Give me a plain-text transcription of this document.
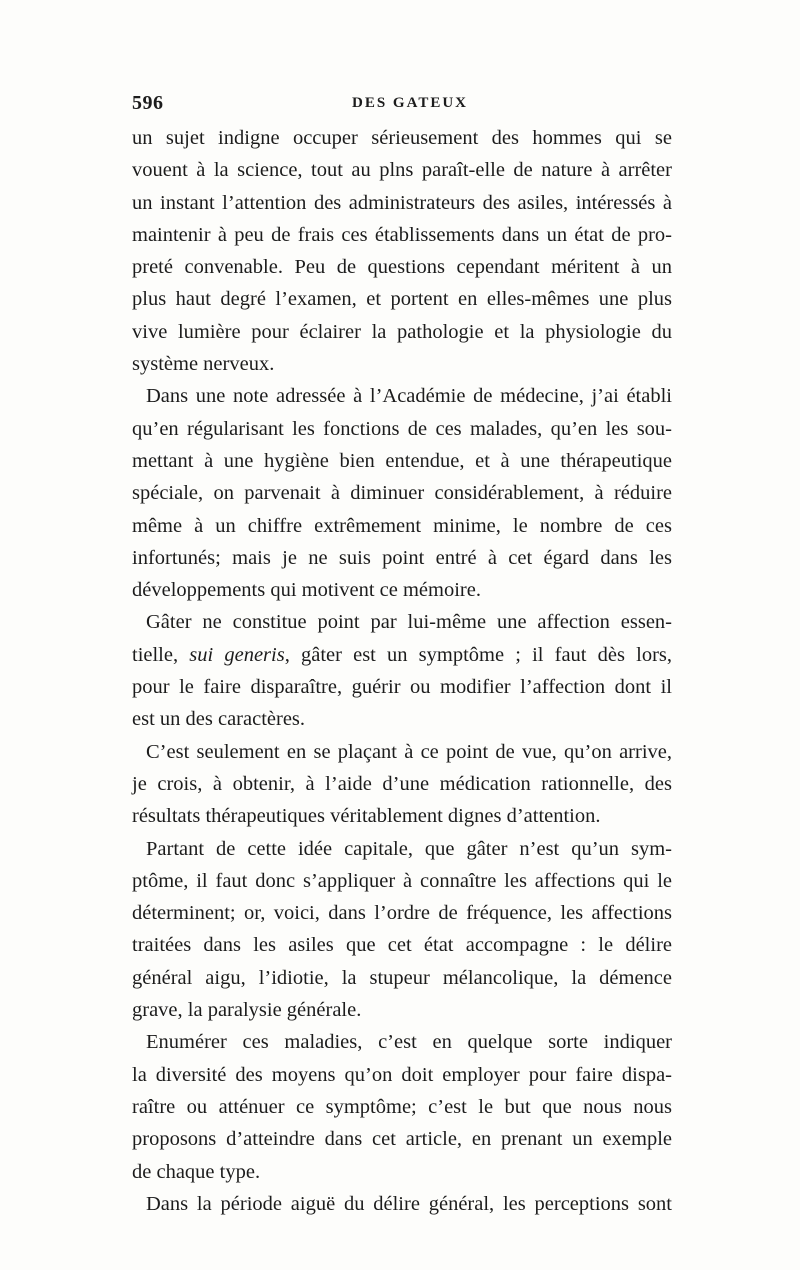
596	DES GATEUX
un sujet indigne occuper sérieusement des hommes qui se
vouent à la science, tout au plns paraît-elle de nature à arrêter
un instant l’attention des administrateurs des asiles, intéressés à
maintenir à peu de frais ces établissements dans un état de pro-
preté convenable. Peu de questions cependant méritent à un
plus haut degré l’examen, et portent en elles-mêmes une plus
vive lumière pour éclairer la pathologie et la physiologie du
système nerveux.
Dans une note adressée à l’Académie de médecine, j’ai établi
qu’en régularisant les fonctions de ces malades, qu’en les sou-
mettant à une hygiène bien entendue, et à une thérapeutique
spéciale, on parvenait à diminuer considérablement, à réduire
même à un chiffre extrêmement minime, le nombre de ces
infortunés; mais je ne suis point entré à cet égard dans les
développements qui motivent ce mémoire.
Gâter ne constitue point par lui-même une affection essen-
tielle, sui generis, gâter est un symptôme ; il faut dès lors,
pour le faire disparaître, guérir ou modifier l’affection dont il
est un des caractères.
C’est seulement en se plaçant à ce point de vue, qu’on arrive,
je crois, à obtenir, à l’aide d’une médication rationnelle, des
résultats thérapeutiques véritablement dignes d’attention.
Partant de cette idée capitale, que gâter n’est qu’un sym-
ptôme, il faut donc s’appliquer à connaître les affections qui le
déterminent; or, voici, dans l’ordre de fréquence, les affections
traitées dans les asiles que cet état accompagne : le délire
général aigu, l’idiotie, la stupeur mélancolique, la démence
grave, la paralysie générale.
Enumérer ces maladies, c’est en quelque sorte indiquer
la diversité des moyens qu’on doit employer pour faire dispa-
raître ou atténuer ce symptôme; c’est le but que nous nous
proposons d’atteindre dans cet article, en prenant un exemple
de chaque type.
Dans la période aiguë du délire général, les perceptions sont
